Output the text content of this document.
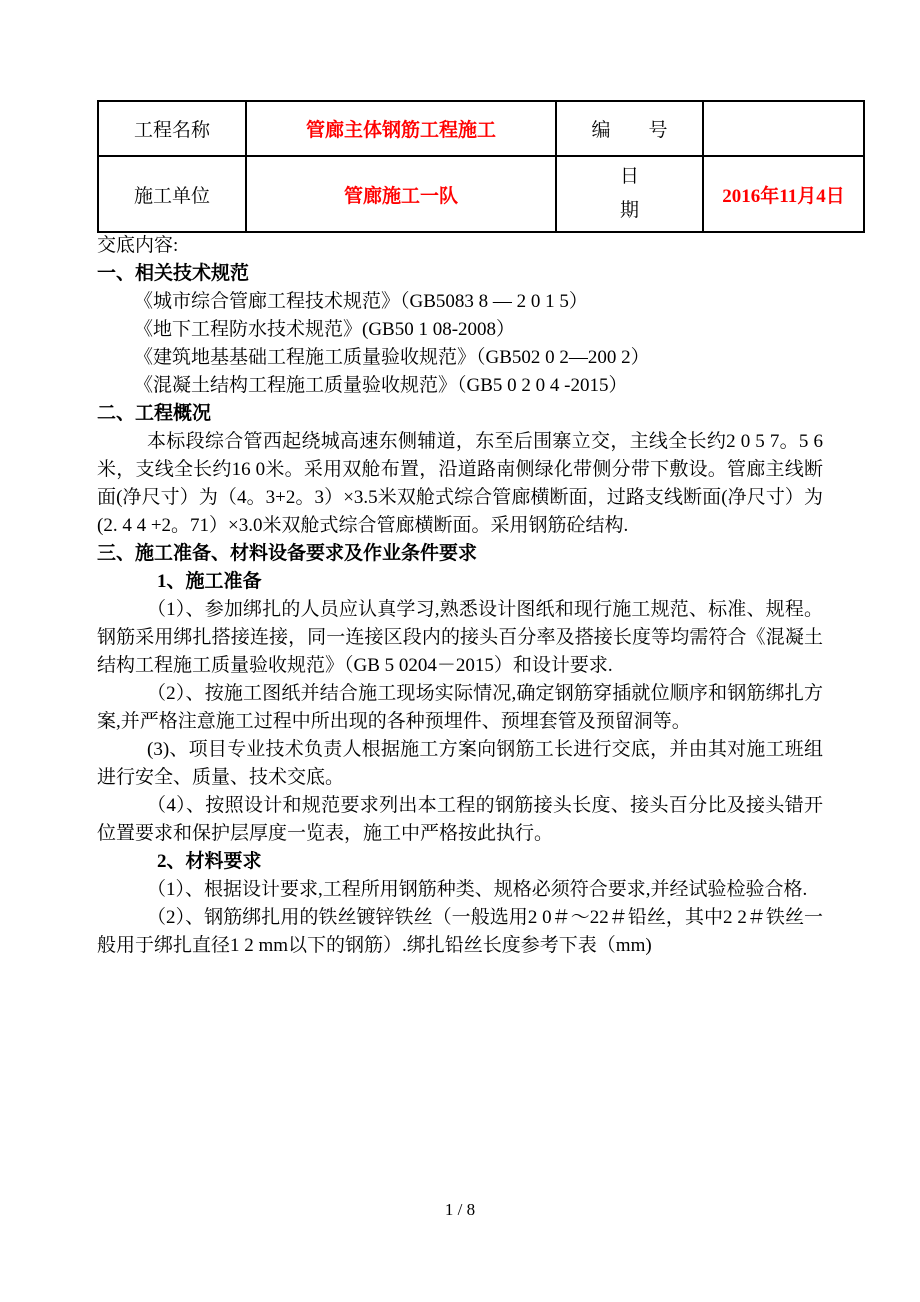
工程名称	管廊主体钢筋工程施工	编        号	
施工单位	管廊施工一队	日期	2016年11月4日

交底内容:

一、相关技术规范

《城市综合管廊工程技术规范》（GB5083 8 — 2 0 1 5）

《地下工程防水技术规范》(GB50 1 08-2008）

《建筑地基基础工程施工质量验收规范》（GB502 0 2—200 2）

《混凝土结构工程施工质量验收规范》（GB5 0 2 0 4 -2015）

二、工程概况

本标段综合管西起绕城高速东侧辅道，东至后围寨立交，主线全长约2 0 5 7。5 6米，支线全长约16 0米。采用双舱布置，沿道路南侧绿化带侧分带下敷设。管廊主线断面(净尺寸）为（4。3+2。3）×3.5米双舱式综合管廊横断面，过路支线断面(净尺寸）为(2. 4 4 +2。71）×3.0米双舱式综合管廊横断面。采用钢筋砼结构.

三、施工准备、材料设备要求及作业条件要求

1、施工准备

（1）、参加绑扎的人员应认真学习,熟悉设计图纸和现行施工规范、标准、规程。钢筋采用绑扎搭接连接，同一连接区段内的接头百分率及搭接长度等均需符合《混凝土结构工程施工质量验收规范》（GB 5 0204－2015）和设计要求.

（2）、按施工图纸并结合施工现场实际情况,确定钢筋穿插就位顺序和钢筋绑扎方案,并严格注意施工过程中所出现的各种预埋件、预埋套管及预留洞等。

(3)、项目专业技术负责人根据施工方案向钢筋工长进行交底，并由其对施工班组进行安全、质量、技术交底。

（4）、按照设计和规范要求列出本工程的钢筋接头长度、接头百分比及接头错开位置要求和保护层厚度一览表，施工中严格按此执行。

2、材料要求

（1）、根据设计要求,工程所用钢筋种类、规格必须符合要求,并经试验检验合格.

（2）、钢筋绑扎用的铁丝镀锌铁丝（一般选用2 0＃～22＃铅丝，其中2 2＃铁丝一般用于绑扎直径1 2 mm以下的钢筋）.绑扎铅丝长度参考下表（mm)

1 / 8
